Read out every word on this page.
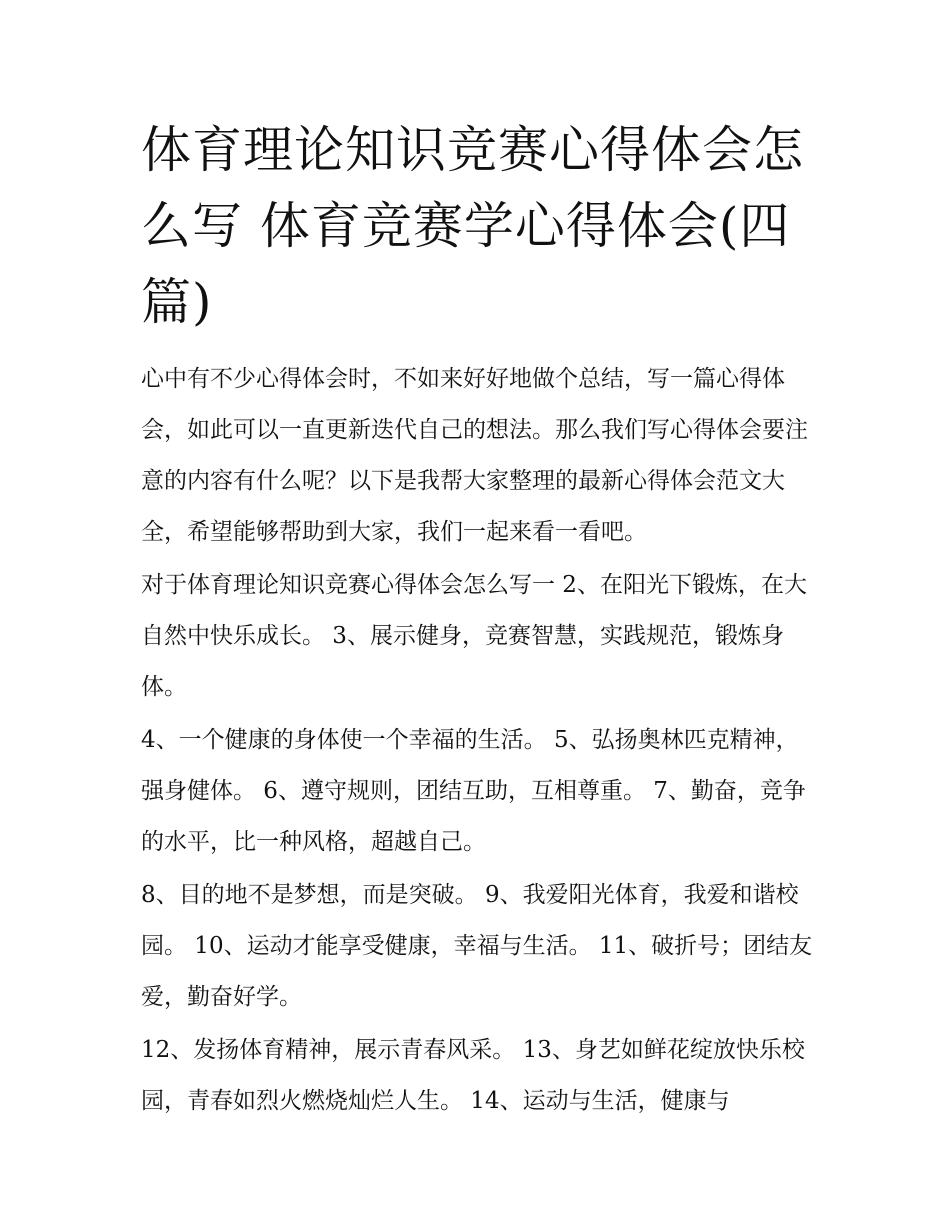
体育理论知识竞赛心得体会怎么写 体育竞赛学心得体会(四篇)

心中有不少心得体会时，不如来好好地做个总结，写一篇心得体会，如此可以一直更新迭代自己的想法。那么我们写心得体会要注意的内容有什么呢？以下是我帮大家整理的最新心得体会范文大全，希望能够帮助到大家，我们一起来看一看吧。

对于体育理论知识竞赛心得体会怎么写一 2、在阳光下锻炼，在大自然中快乐成长。 3、展示健身，竞赛智慧，实践规范，锻炼身体。

4、一个健康的身体使一个幸福的生活。 5、弘扬奥林匹克精神，强身健体。 6、遵守规则，团结互助，互相尊重。 7、勤奋，竞争的水平，比一种风格，超越自己。

8、目的地不是梦想，而是突破。 9、我爱阳光体育，我爱和谐校园。 10、运动才能享受健康，幸福与生活。 11、破折号；团结友爱，勤奋好学。

12、发扬体育精神，展示青春风采。 13、身艺如鲜花绽放快乐校园，青春如烈火燃烧灿烂人生。 14、运动与生活，健康与
